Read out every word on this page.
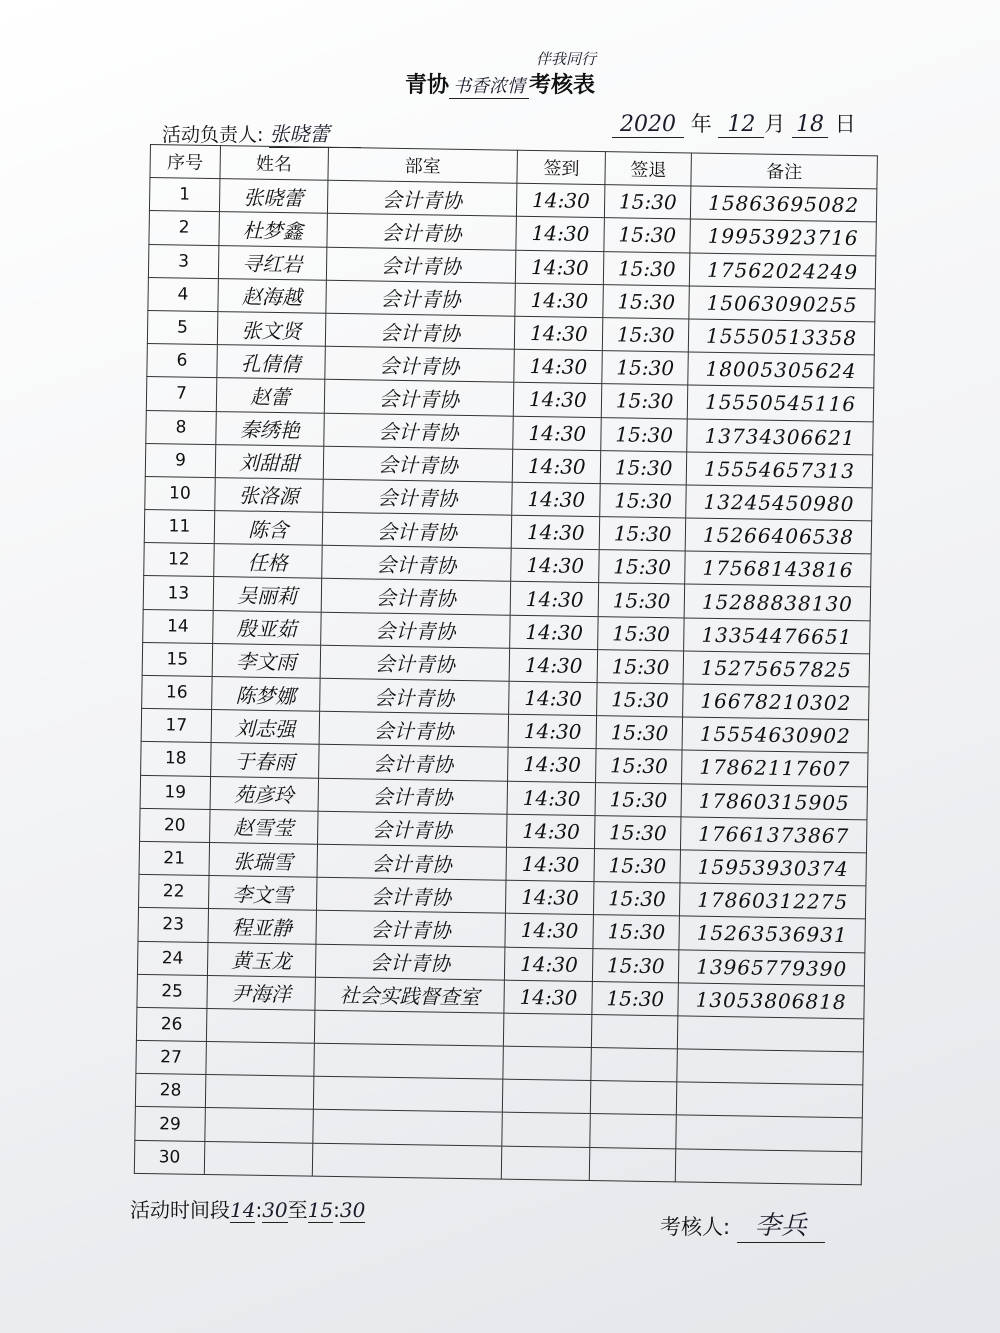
伴我同行
青协 书香浓情 考核表
活动负责人: 张晓蕾	2020 年 12 月 18 日
序号	姓名	部室	签到	签退	备注
1	张晓蕾	会计青协	14:30	15:30	15863695082
2	杜梦鑫	会计青协	14:30	15:30	19953923716
3	寻红岩	会计青协	14:30	15:30	17562024249
4	赵海越	会计青协	14:30	15:30	15063090255
5	张文贤	会计青协	14:30	15:30	15550513358
6	孔倩倩	会计青协	14:30	15:30	18005305624
7	赵蕾	会计青协	14:30	15:30	15550545116
8	秦绣艳	会计青协	14:30	15:30	13734306621
9	刘甜甜	会计青协	14:30	15:30	15554657313
10	张洛源	会计青协	14:30	15:30	13245450980
11	陈含	会计青协	14:30	15:30	15266406538
12	任格	会计青协	14:30	15:30	17568143816
13	吴丽莉	会计青协	14:30	15:30	15288838130
14	殷亚茹	会计青协	14:30	15:30	13354476651
15	李文雨	会计青协	14:30	15:30	15275657825
16	陈梦娜	会计青协	14:30	15:30	16678210302
17	刘志强	会计青协	14:30	15:30	15554630902
18	于春雨	会计青协	14:30	15:30	17862117607
19	苑彦玲	会计青协	14:30	15:30	17860315905
20	赵雪莹	会计青协	14:30	15:30	17661373867
21	张瑞雪	会计青协	14:30	15:30	15953930374
22	李文雪	会计青协	14:30	15:30	17860312275
23	程亚静	会计青协	14:30	15:30	15263536931
24	黄玉龙	会计青协	14:30	15:30	13965779390
25	尹海洋	社会实践督查室	14:30	15:30	13053806818
26					
27					
28					
29					
30					
活动时间段14:30至15:30
考核人: 李兵
